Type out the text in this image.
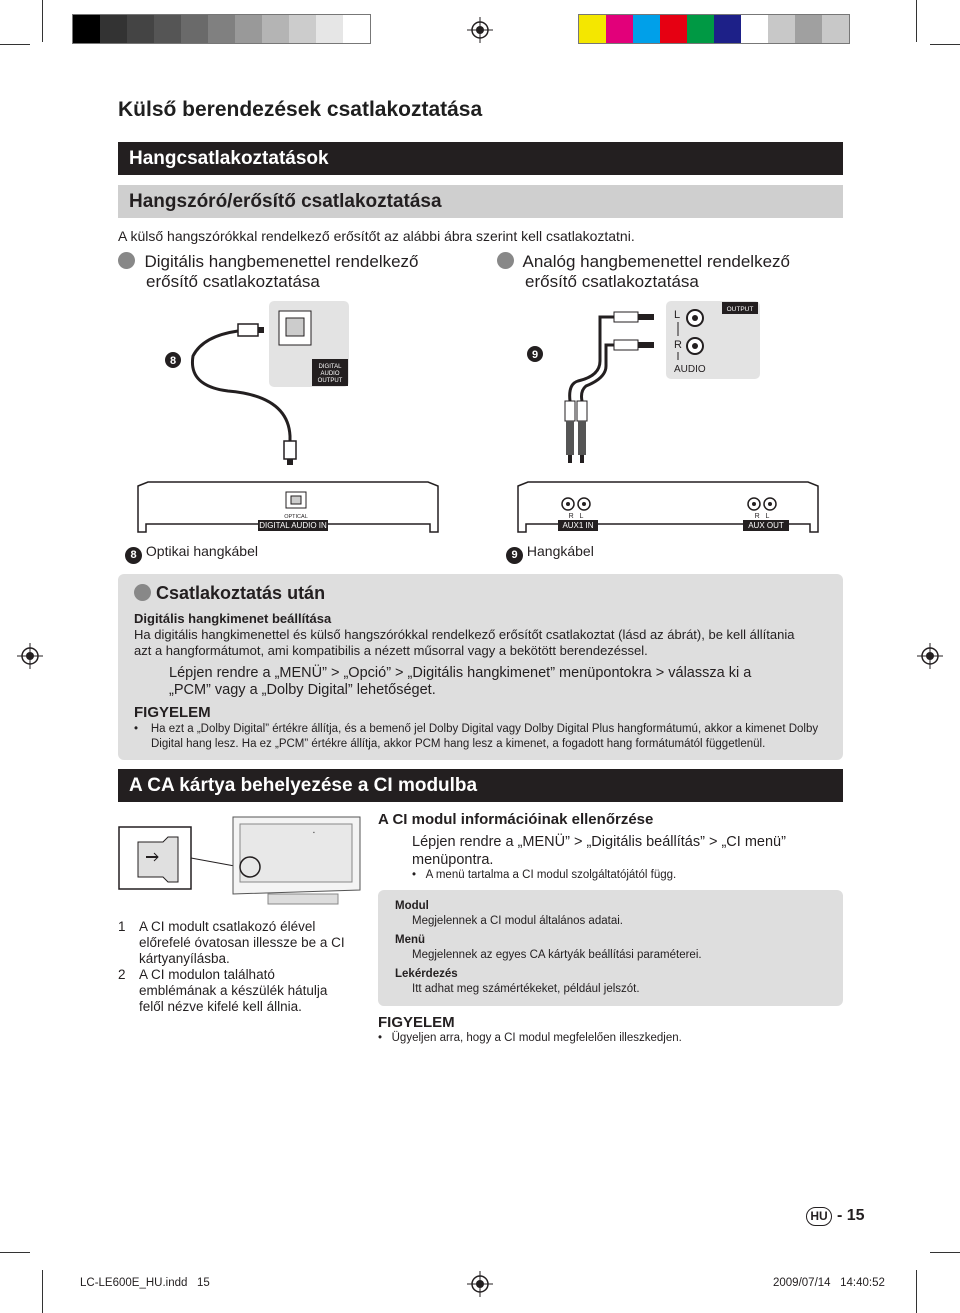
Külső berendezések csatlakoztatása
Hangcsatlakoztatások
Hangszóró/erősítő csatlakoztatása
A külső hangszórókkal rendelkező erősítőt az alábbi ábra szerint kell csatlakoztatni.
Digitális hangbemenettel rendelkező
erősítő csatlakoztatása
Analóg hangbemenettel rendelkező
erősítő csatlakoztatása
8	9
DIGITAL
AUDIO
OUTPUT
OUTPUT
L
R
AUDIO
OPTICAL
DIGITAL AUDIO IN
R   L
AUX1 IN
R   L
AUX OUT
8 Optikai hangkábel	9 Hangkábel
Csatlakoztatás után
Digitális hangkimenet beállítása
Ha digitális hangkimenettel és külső hangszórókkal rendelkező erősítőt csatlakoztat (lásd az ábrát), be kell állítania
azt a hangformátumot, ami kompatibilis a nézett műsorral vagy a bekötött berendezéssel.
Lépjen rendre a „MENÜ” > „Opció” > „Digitális hangkimenet” menüpontokra > válassza ki a
„PCM” vagy a „Dolby Digital” lehetőséget.
FIGYELEM
•    Ha ezt a „Dolby Digital” értékre állítja, és a bemenő jel Dolby Digital vagy Dolby Digital Plus hangformátumú, akkor a kimenet Dolby
Digital hang lesz. Ha ez „PCM” értékre állítja, akkor PCM hang lesz a kimenet, a fogadott hang formátumától függetlenül.
A CA kártya behelyezése a CI modulba
▪
1 A CI modult csatlakozó élével
előrefelé óvatosan illessze be a CI
kártyanyílásba.
2 A CI modulon található
emblémának a készülék hátulja
felől nézve kifelé kell állnia.
A CI modul információinak ellenőrzése
Lépjen rendre a „MENÜ” > „Digitális beállítás” > „CI menü”
menüpontra.
•   A menü tartalma a CI modul szolgáltatójától függ.
Modul
Megjelennek a CI modul általános adatai.
Menü
Megjelennek az egyes CA kártyák beállítási paraméterei.
Lekérdezés
Itt adhat meg számértékeket, például jelszót.
FIGYELEM
•   Ügyeljen arra, hogy a CI modul megfelelően illeszkedjen.
HU - 15
LC-LE600E_HU.indd   15	2009/07/14   14:40:52
